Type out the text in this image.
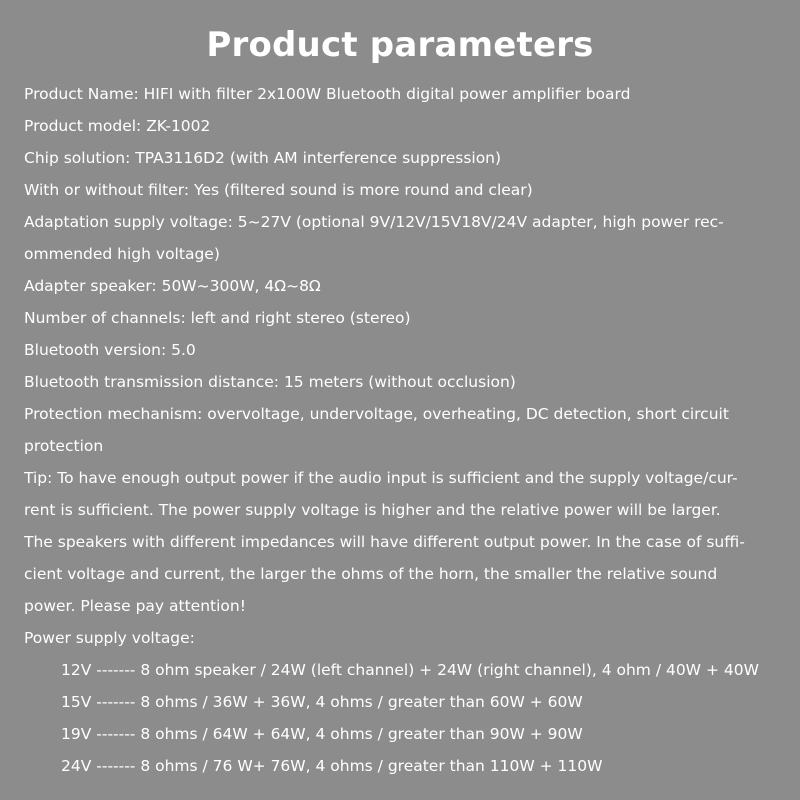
Product parameters
Product Name: HIFI with filter 2x100W Bluetooth digital power amplifier board
Product model: ZK-1002
Chip solution: TPA3116D2 (with AM interference suppression)
With or without filter: Yes (filtered sound is more round and clear)
Adaptation supply voltage: 5~27V (optional 9V/12V/15V18V/24V adapter, high power rec-
ommended high voltage)
Adapter speaker: 50W~300W, 4Ω~8Ω
Number of channels: left and right stereo (stereo)
Bluetooth version: 5.0
Bluetooth transmission distance: 15 meters (without occlusion)
Protection mechanism: overvoltage, undervoltage, overheating, DC detection, short circuit
protection
Tip: To have enough output power if the audio input is sufficient and the supply voltage/cur-
rent is sufficient. The power supply voltage is higher and the relative power will be larger.
The speakers with different impedances will have different output power. In the case of suffi-
cient voltage and current, the larger the ohms of the horn, the smaller the relative sound
power. Please pay attention!
Power supply voltage:
12V ------- 8 ohm speaker / 24W (left channel) + 24W (right channel), 4 ohm / 40W + 40W
15V ------- 8 ohms / 36W + 36W, 4 ohms / greater than 60W + 60W
19V ------- 8 ohms / 64W + 64W, 4 ohms / greater than 90W + 90W
24V ------- 8 ohms / 76 W+ 76W, 4 ohms / greater than 110W + 110W
